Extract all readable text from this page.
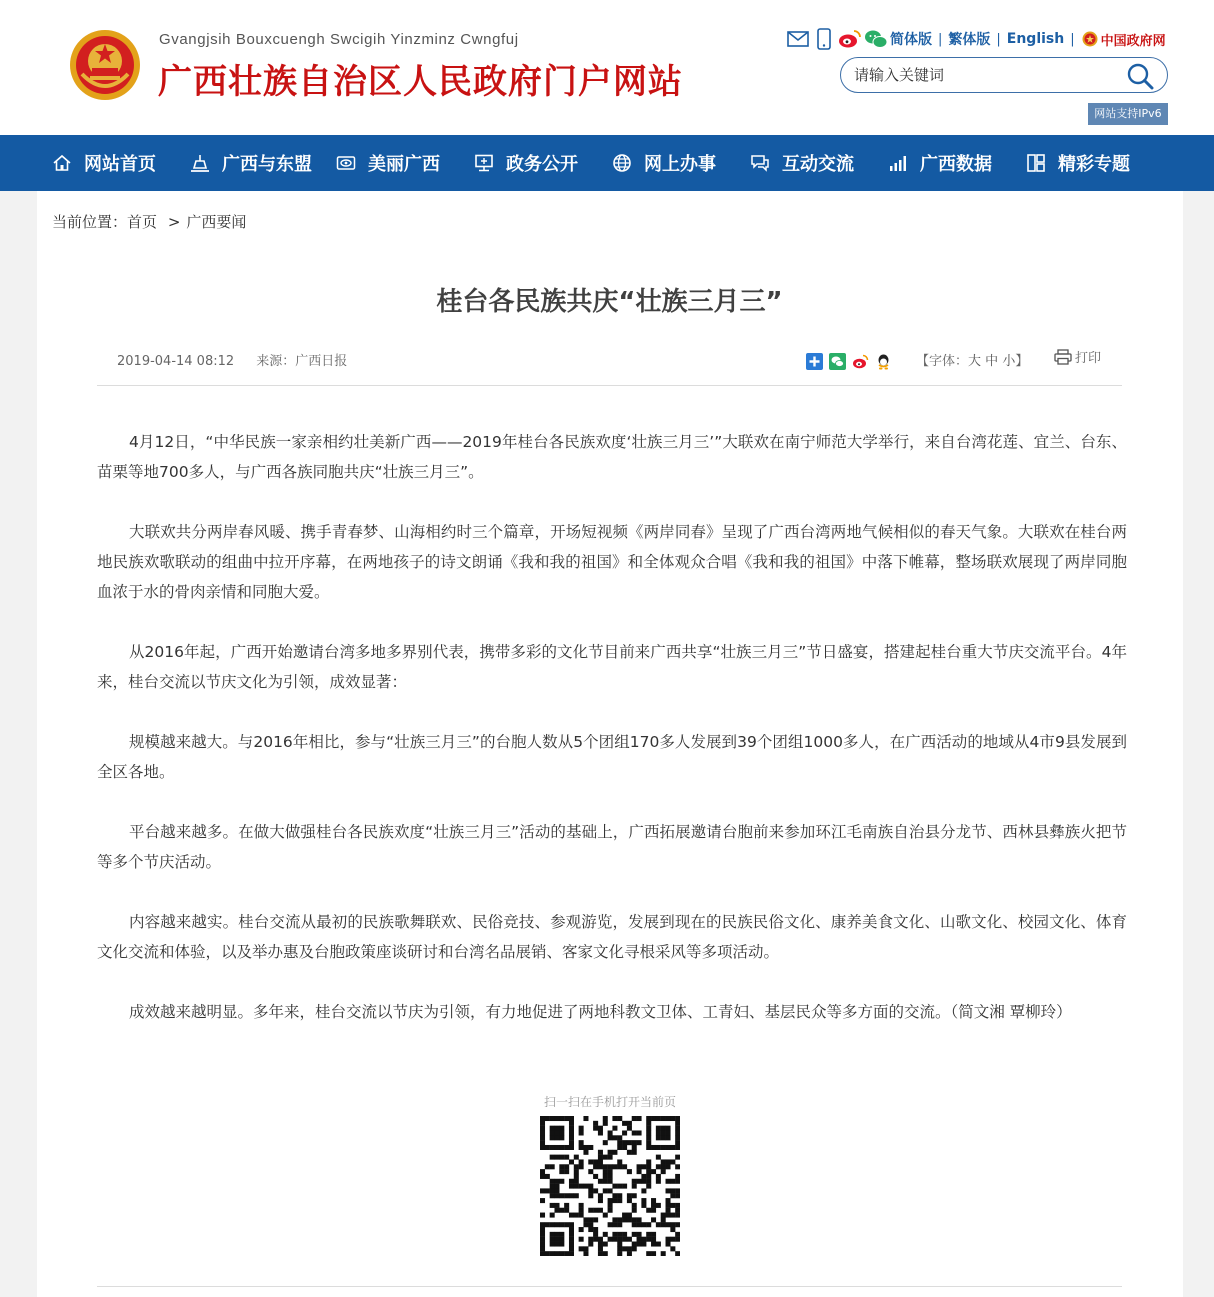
Gvangjsih Bouxcuengh Swcigih Yinzminz Cwngfuj
广西壮族自治区人民政府门户网站
简体版 | 繁体版 | English | 中国政府网
请输入关键词
网站支持IPv6
网站首页	广西与东盟	美丽广西	政务公开	网上办事	互动交流	广西数据	精彩专题
当前位置：首页 > 广西要闻
桂台各民族共庆“壮族三月三”
2019-04-14 08:12 来源：广西日报	【字体：大 中 小】	打印

4月12日，“中华民族一家亲相约壮美新广西——2019年桂台各民族欢度‘壮族三月三’”大联欢在南宁师范大学举行，来自台湾花莲、宜兰、台东、苗栗等地700多人，与广西各族同胞共庆“壮族三月三”。

大联欢共分两岸春风暖、携手青春梦、山海相约时三个篇章，开场短视频《两岸同春》呈现了广西台湾两地气候相似的春天气象。大联欢在桂台两地民族欢歌联动的组曲中拉开序幕，在两地孩子的诗文朗诵《我和我的祖国》和全体观众合唱《我和我的祖国》中落下帷幕，整场联欢展现了两岸同胞血浓于水的骨肉亲情和同胞大爱。

从2016年起，广西开始邀请台湾多地多界别代表，携带多彩的文化节目前来广西共享“壮族三月三”节日盛宴，搭建起桂台重大节庆交流平台。4年来，桂台交流以节庆文化为引领，成效显著：

规模越来越大。与2016年相比，参与“壮族三月三”的台胞人数从5个团组170多人发展到39个团组1000多人，在广西活动的地域从4市9县发展到全区各地。

平台越来越多。在做大做强桂台各民族欢度“壮族三月三”活动的基础上，广西拓展邀请台胞前来参加环江毛南族自治县分龙节、西林县彝族火把节等多个节庆活动。

内容越来越实。桂台交流从最初的民族歌舞联欢、民俗竞技、参观游览，发展到现在的民族民俗文化、康养美食文化、山歌文化、校园文化、体育文化交流和体验，以及举办惠及台胞政策座谈研讨和台湾名品展销、客家文化寻根采风等多项活动。

成效越来越明显。多年来，桂台交流以节庆为引领，有力地促进了两地科教文卫体、工青妇、基层民众等多方面的交流。（简文湘 覃柳玲）

扫一扫在手机打开当前页
